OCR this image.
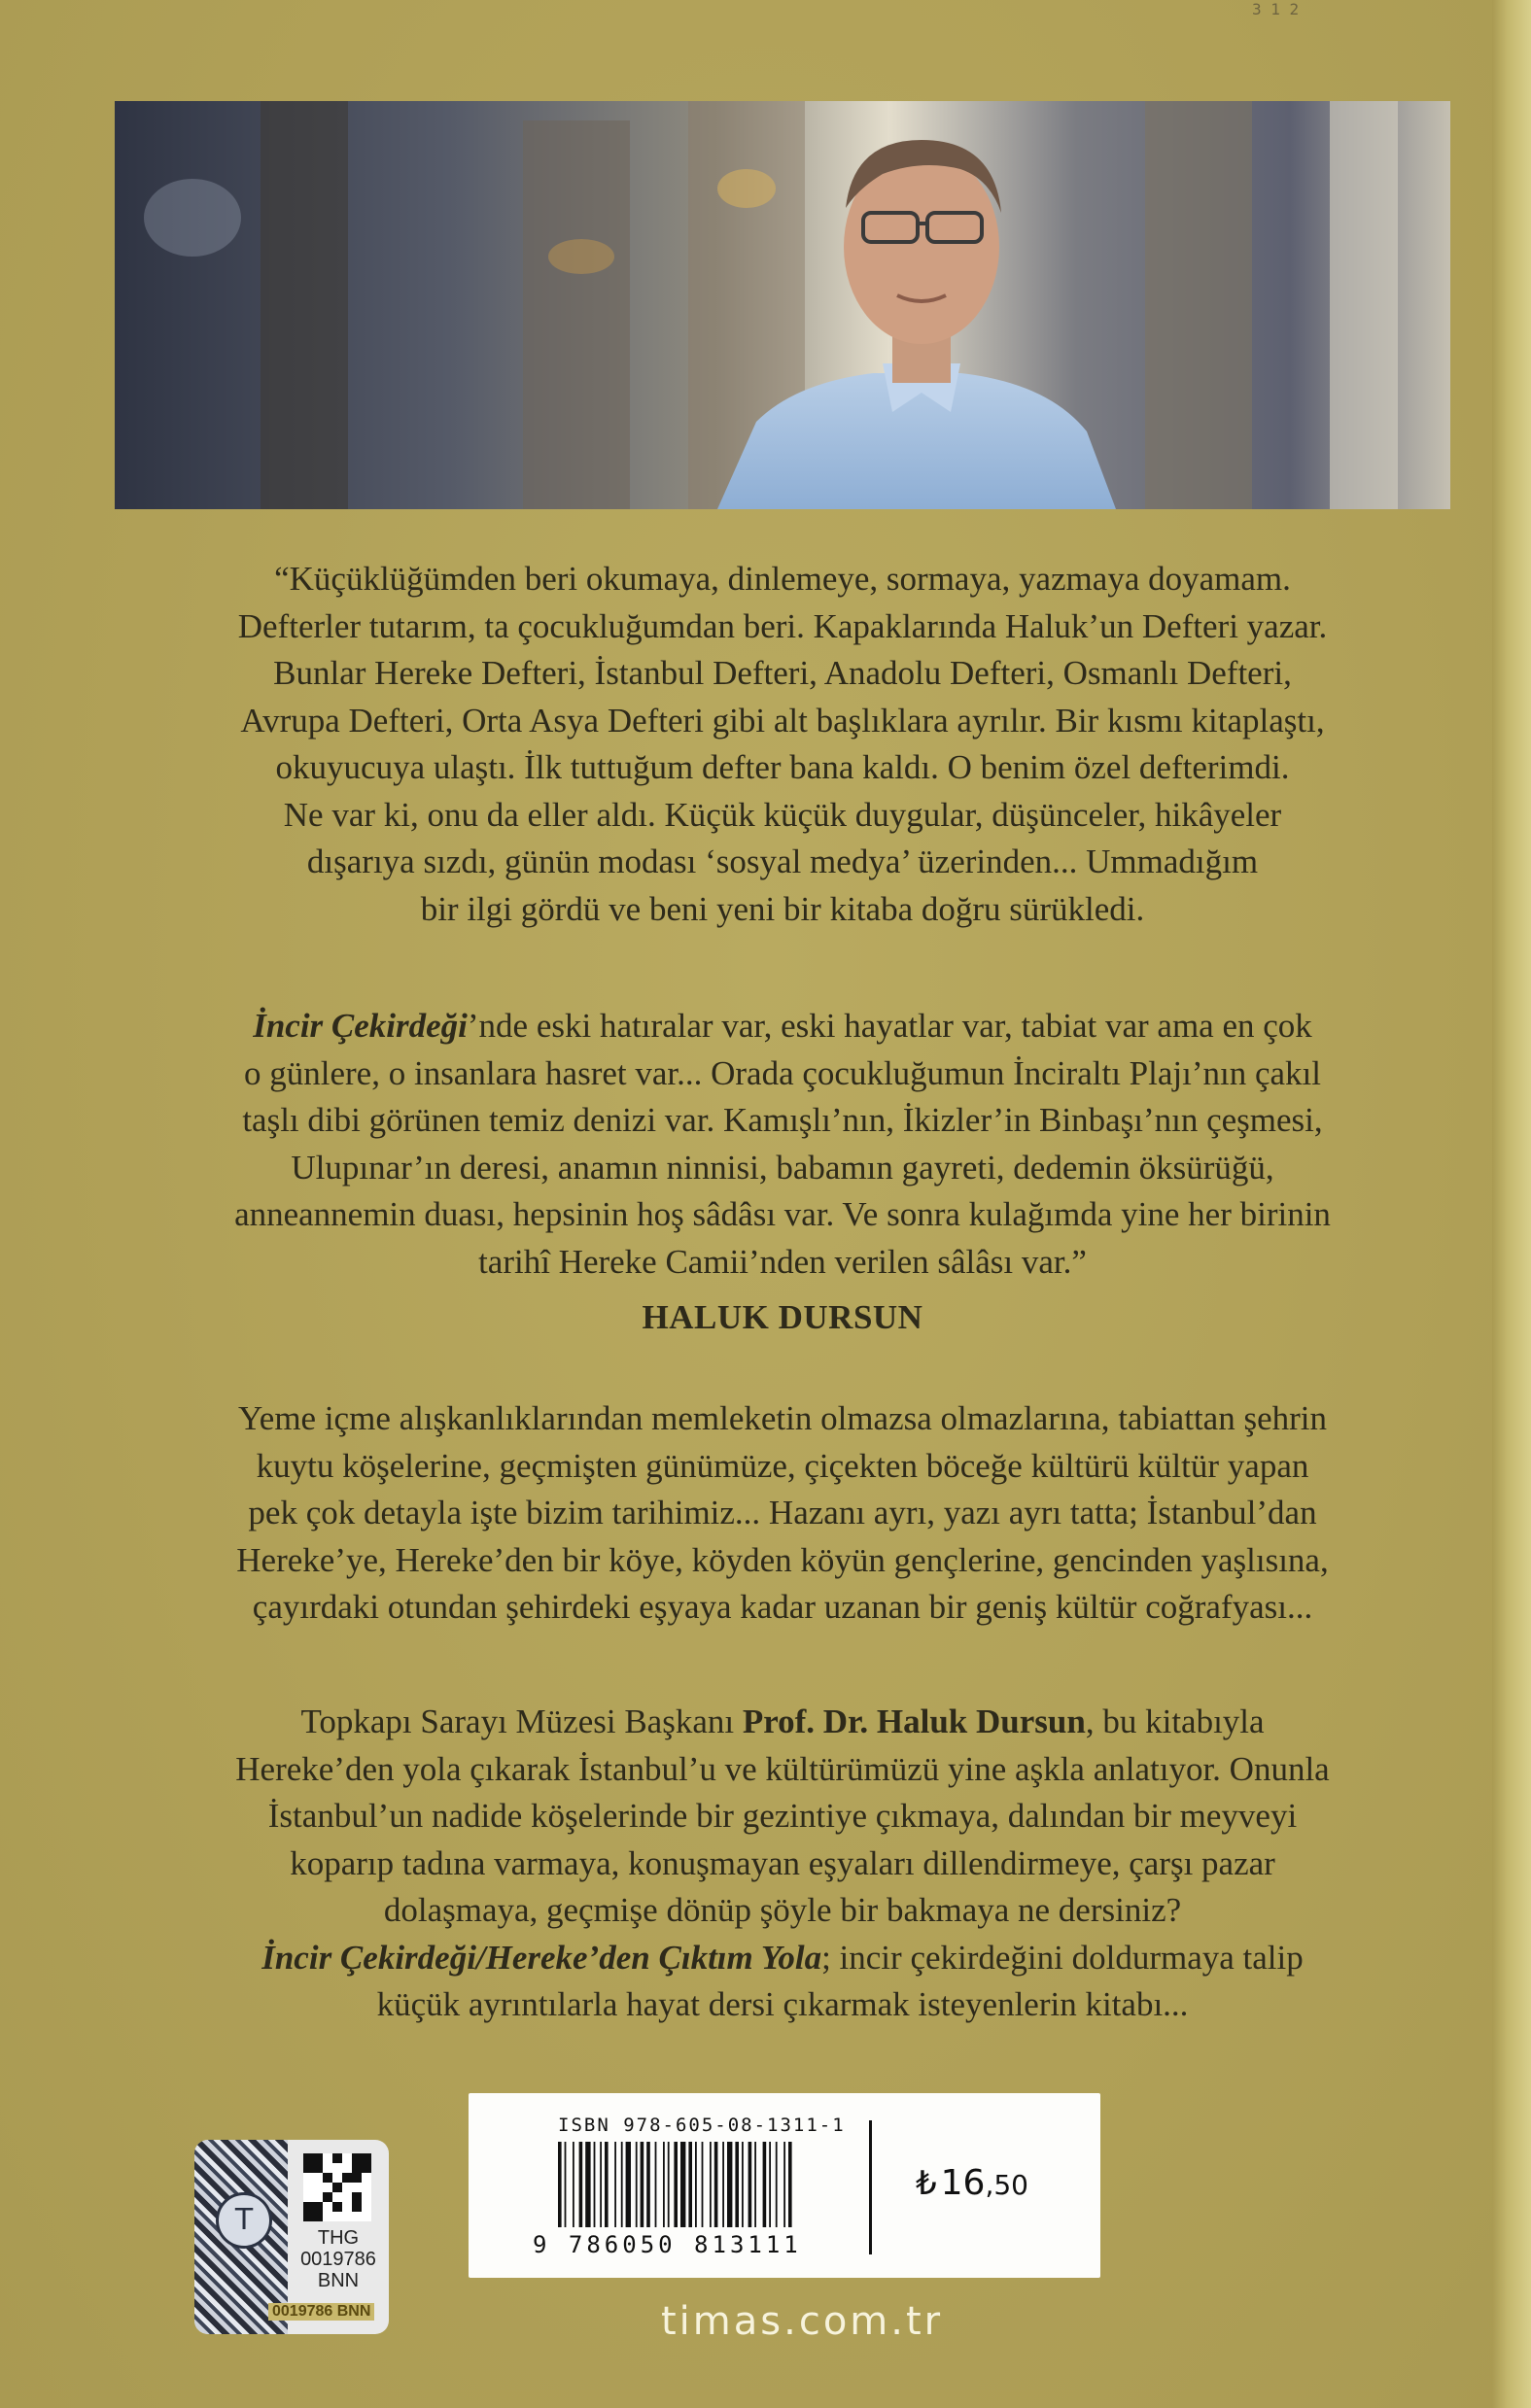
3 1 2
“Küçüklüğümden beri okumaya, dinlemeye, sormaya, yazmaya doyamam.
Defterler tutarım, ta çocukluğumdan beri. Kapaklarında Haluk’un Defteri yazar.
Bunlar Hereke Defteri, İstanbul Defteri, Anadolu Defteri, Osmanlı Defteri,
Avrupa Defteri, Orta Asya Defteri gibi alt başlıklara ayrılır. Bir kısmı kitaplaştı,
okuyucuya ulaştı. İlk tuttuğum defter bana kaldı. O benim özel defterimdi.
Ne var ki, onu da eller aldı. Küçük küçük duygular, düşünceler, hikâyeler
dışarıya sızdı, günün modası ‘sosyal medya’ üzerinden... Ummadığım
bir ilgi gördü ve beni yeni bir kitaba doğru sürükledi.
İncir Çekirdeği’nde eski hatıralar var, eski hayatlar var, tabiat var ama en çok
o günlere, o insanlara hasret var... Orada çocukluğumun İnciraltı Plajı’nın çakıl
taşlı dibi görünen temiz denizi var. Kamışlı’nın, İkizler’in Binbaşı’nın çeşmesi,
Ulupınar’ın deresi, anamın ninnisi, babamın gayreti, dedemin öksürüğü,
anneannemin duası, hepsinin hoş sâdâsı var. Ve sonra kulağımda yine her birinin
tarihî Hereke Camii’nden verilen sâlâsı var.”
HALUK DURSUN
Yeme içme alışkanlıklarından memleketin olmazsa olmazlarına, tabiattan şehrin
kuytu köşelerine, geçmişten günümüze, çiçekten böceğe kültürü kültür yapan
pek çok detayla işte bizim tarihimiz... Hazanı ayrı, yazı ayrı tatta; İstanbul’dan
Hereke’ye, Hereke’den bir köye, köyden köyün gençlerine, gencinden yaşlısına,
çayırdaki otundan şehirdeki eşyaya kadar uzanan bir geniş kültür coğrafyası...
Topkapı Sarayı Müzesi Başkanı Prof. Dr. Haluk Dursun, bu kitabıyla
Hereke’den yola çıkarak İstanbul’u ve kültürümüzü yine aşkla anlatıyor. Onunla
İstanbul’un nadide köşelerinde bir gezintiye çıkmaya, dalından bir meyveyi
koparıp tadına varmaya, konuşmayan eşyaları dillendirmeye, çarşı pazar
dolaşmaya, geçmişe dönüp şöyle bir bakmaya ne dersiniz?
İncir Çekirdeği/Hereke’den Çıktım Yola; incir çekirdeğini doldurmaya talip
küçük ayrıntılarla hayat dersi çıkarmak isteyenlerin kitabı...
T
THG
0019786
BNN
0019786 BNN
ISBN 978-605-08-1311-1
9 786050 813111
₺ 16,50
timas.com.tr
